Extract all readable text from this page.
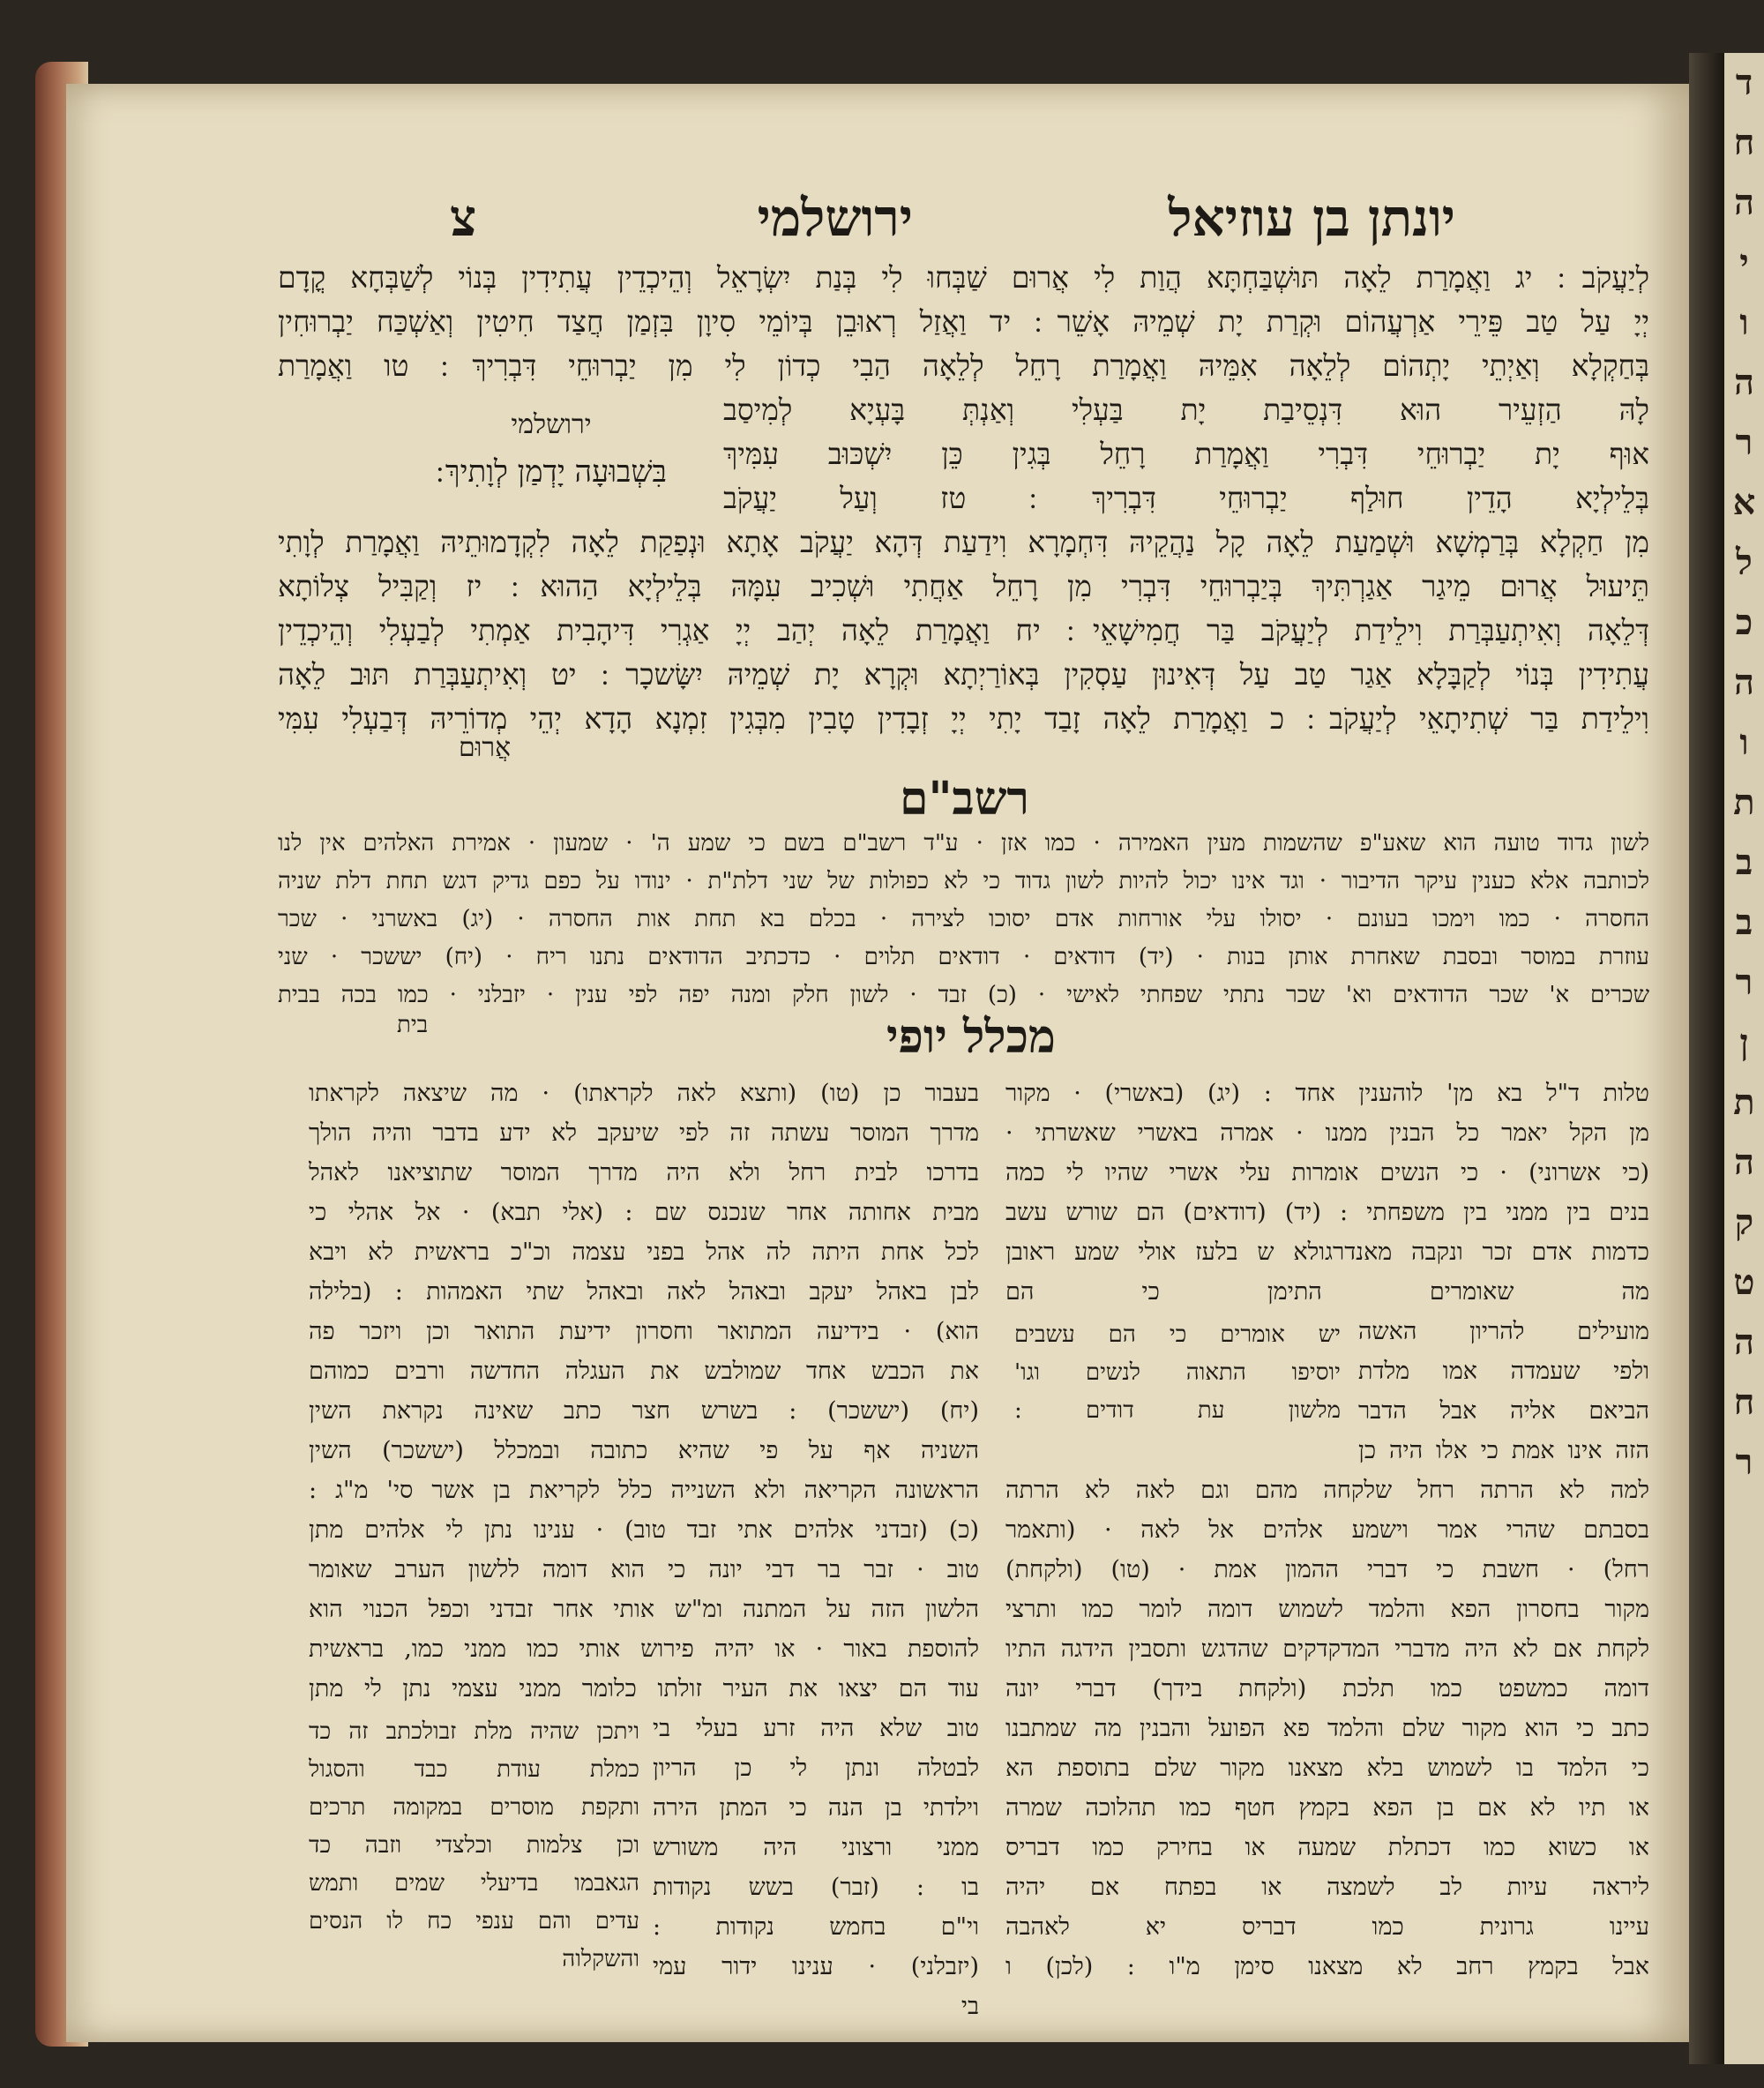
ד
ח
ה
י
ו
ה
ר
א
ל
כ
ה
ו
ת
ב
ב
ר
ן
ת
ה
ק
ט
ה
ח
ר
יונתן בן עוזיאל
ירושלמי
צ
לְיַעֲקֹב ׃ יג וַאֲמָרַת לֵאָה תּוּשְׁבַּחְתָּא הֲוַת לִי אֲרוּם שַׁבְּחוּ לִי בְּנַת יִשְׂרָאֵל וְהֵיכְדֵין עֲתִידִין בְּנוֹי לְשַׁבְּחָא קֳדָם
יְיָ עַל טַב פֵּירֵי אַרְעֲהוֹם וּקְרַת יָת שְׁמֵיהּ אָשֵׁר ׃ יד וַאֲזַל רְאוּבֵן בְּיוֹמֵי סִיוָן בִּזְמַן חֲצַד חִיטִין וְאַשְׁכַּח יַבְרוּחִין
בְּחַקְלָא וְאַיְתֵי יָתְהוֹם לְלֵאָה אִמֵּיהּ וַאֲמָרַת רָחֵל לְלֵאָה הַבִי כְדוֹן לִי מִן יַבְרוּחֵי דִּבְרִיךְ ׃ טו וַאֲמָרַת
לָהּ הַזְעֵיר הוּא דִּנְסֵיבַת יָת בַּעְלִי וְאַנְתְּ בָּעְיָא לְמִיסַב
אוּף יָת יַבְרוּחֵי דִּבְרִי וַאֲמָרַת רָחֵל בְּגִין כֵּן יִשְׁכּוּב עִמִּיךְ
בְּלֵילְיָא הָדֵין חוּלַף יַבְרוּחֵי דִּבְרִיךְ ׃ טז וְעַל יַעֲקֹב
ירושלמי
בִּשְׁבוּעָה יָדְמַן לְוָתִיךְ ׃
מִן חַקְלָא בְּרַמְשָׁא וּשְׁמַעַת לֵאָה קָל נַהֲקֵיהּ דִּחְמָרָא וִידַעַת דְּהָא יַעֲקֹב אָתָא וּנְפַקַת לֵאָה לִקְדָמוּתֵיהּ וַאֲמָרַת לְוָתִי
תֵּיעוּל אֲרוּם מֵיגַר אַגַרְתִּיךְ בְּיַבְרוּחֵי דִּבְרִי מִן רָחֵל אַחֲתִי וּשְׁכִיב עִמָּהּ בְּלֵילְיָא הַהוּא ׃ יז וְקַבִּיל צְלוֹתָא
דְּלֵאָה וְאִיתְעַבְּרַת וִילֵידַת לְיַעֲקֹב בַּר חֲמִישָׁאֵי ׃ יח וַאֲמָרַת לֵאָה יְהַב יְיָ אַגְרִי דִּיהָבִית אַמְתִי לְבַעְלִי וְהֵיכְדֵין
עֲתִידִין בְּנוֹי לְקַבָּלָא אַגַר טַב עַל דְּאִינוּן עַסְקִין בְּאוֹרַיְתָא וּקְרָא יָת שְׁמֵיהּ יִשָּׂשכָר ׃ יט וְאִיתְעַבְּרַת תּוּב לֵאָה
וִילֵידַת בַּר שְׁתִיתָאֵי לְיַעֲקֹב ׃ כ וַאֲמָרַת לֵאָה זָבַד יָתִי יְיָ זְבָדִין טָבִין מִבְּגִין זִמְנָא הָדָא יְהֵי מְדוֹרֵיהּ דְּבַעְלִי עִמִּי
אֲרוּם
רשב"ם
לשון גדוד טועה הוא שאע"פ שהשמות מעין האמירה · כמו אזן · ע"ד רשב"ם בשם כי שמע ה' · שמעון · אמירת האלהים אין לנו
לכותבה אלא כענין עיקר הדיבור · וגד אינו יכול להיות לשון גדוד כי לא כפולות של שני דלת"ת · ינודו על כפם גדיק דגש תחת דלת שניה
החסרה · כמו וימכו בעונם · יסולו עלי אורחות אדם יסוכו לצירה · בכלם בא תחת אות החסרה · (יג) באשרני · שכר
עוזרת במוסר ובסבת שאחרת אותן בנות · (יד) דודאים · דודאים תלוים · כדכתיב הדודאים נתנו ריח · (יח) יששכר · שני
שכרים א' שכר הדודאים וא' שכר נתתי שפחתי לאישי · (כ) זבד · לשון חלק ומנה יפה לפי ענין · יזבלני · כמו בכה בבית
בית	מכלל יופי
טלות ד"ל בא מן' לוהענין אחד : (יג) (באשרי) · מקור
מן הקל יאמר כל הבנין ממנו · אמרה באשרי שאשרתי ·
(כי אשרוני) · כי הנשים אומרות עלי אשרי שהיו לי כמה
בנים בין ממני בין משפחתי : (יד) (דודאים) הם שורש עשב
כדמות אדם זכר ונקבה מאנדרגולא ש בלעז אולי שמע ראובן
מה שאומרים התימן כי הם
מועילים להריון האשה
ולפי שעמדה אמו מלדת
הביאם אליה אבל הדבר
הזה אינו אמת כי אלו היה כן
יש אומרים כי הם עשבים
יוסיפו התאוה לנשים וגו'
מלשון עת דודים :
למה לא הרתה רחל שלקחה מהם וגם לאה לא הרתה
בסבתם שהרי אמר וישמע אלהים אל לאה · (ותאמר
רחל) · חשבת כי דברי ההמון אמת · (טו) (ולקחת)
מקור בחסרון הפא והלמד לשמוש דומה לומר כמו ותרצי
לקחת אם לא היה מדברי המדקדקים שהדגש ותסבין הידגה התיו
דומה כמשפט כמו תלכת (ולקחת בידך) דברי יונה
כתב כי הוא מקור שלם והלמד פא הפועל והבנין מה שמתבנו
כי הלמד בו לשמוש בלא מצאנו מקור שלם בתוספת הא
או תיו לא אם בן הפא בקמץ חטף כמו תהלוכה שמרה
או כשוא כמו דכתלת שמעה או בחירק כמו דבריס
ליראה עיות לב לשמצה או בפתח אם יהיה
עיינו גרונית כמו דבריס יא לאהבה
אבל בקמץ רחב לא מצאנו סימן מ"ו : (לכן) ו
בעבור כן (טו) (ותצא לאה לקראתו) · מה שיצאה לקראתו
מדרך המוסר עשתה זה לפי שיעקב לא ידע בדבר והיה הולך
בדרכו לבית רחל ולא היה מדרך המוסר שתוציאנו לאהל
מבית אחותה אחר שנכנס שם : (אלי תבא) · אל אהלי כי
לכל אחת היתה לה אהל בפני עצמה וכ"כ בראשית לא ויבא
לבן באהל יעקב ובאהל לאה ובאהל שתי האמהות : (בלילה
הוא) · בידיעה המתואר וחסרון ידיעת התואר וכן ויזכר פה
את הכבש אחד שמולבש את העגלה החדשה ורבים כמוהם
(יח) (יששכר) : בשרש חצר כתב שאינה נקראת השין
השניה אף על פי שהיא כתובה ובמכלל (יששכר) השין
הראשונה הקריאה ולא השנייה כלל לקריאת בן אשר סי' מ"ג :
(כ) (זבדני אלהים אתי זבד טוב) · ענינו נתן לי אלהים מתן
טוב · זבר בר דבי יונה כי הוא דומה ללשון הערב שאומר
הלשון הזה על המתנה ומ"ש אותי אחר זבדני וכפל הכנוי הוא
להוספת באור · או יהיה פירוש אותי כמו ממני כמו, בראשית
עוד הם יצאו את העיר זולתו כלומר ממני עצמי נתן לי מתן
טוב שלא היה זרע בעלי בי
לבטלה ונתן לי כן הריון
וילדתי בן הנה כי המתן הירה
ממני ורצוני היה משורש
בו : (זבר) בשש נקודות
וי"ם בחמש נקודות :
(יזבלני) · ענינו ידור עמי
בי
ויתכן שהיה מלת זבולכתב זה כד
כמלת עודת כבד והסגול
ותקפת מוסרים במקומה תרכים
וכן צלמות וכלצדי וזבה כד
הגאבמו בדיעלי שמים ותמש
עדים והם ענפי כח לו הנסים
והשקלוה
